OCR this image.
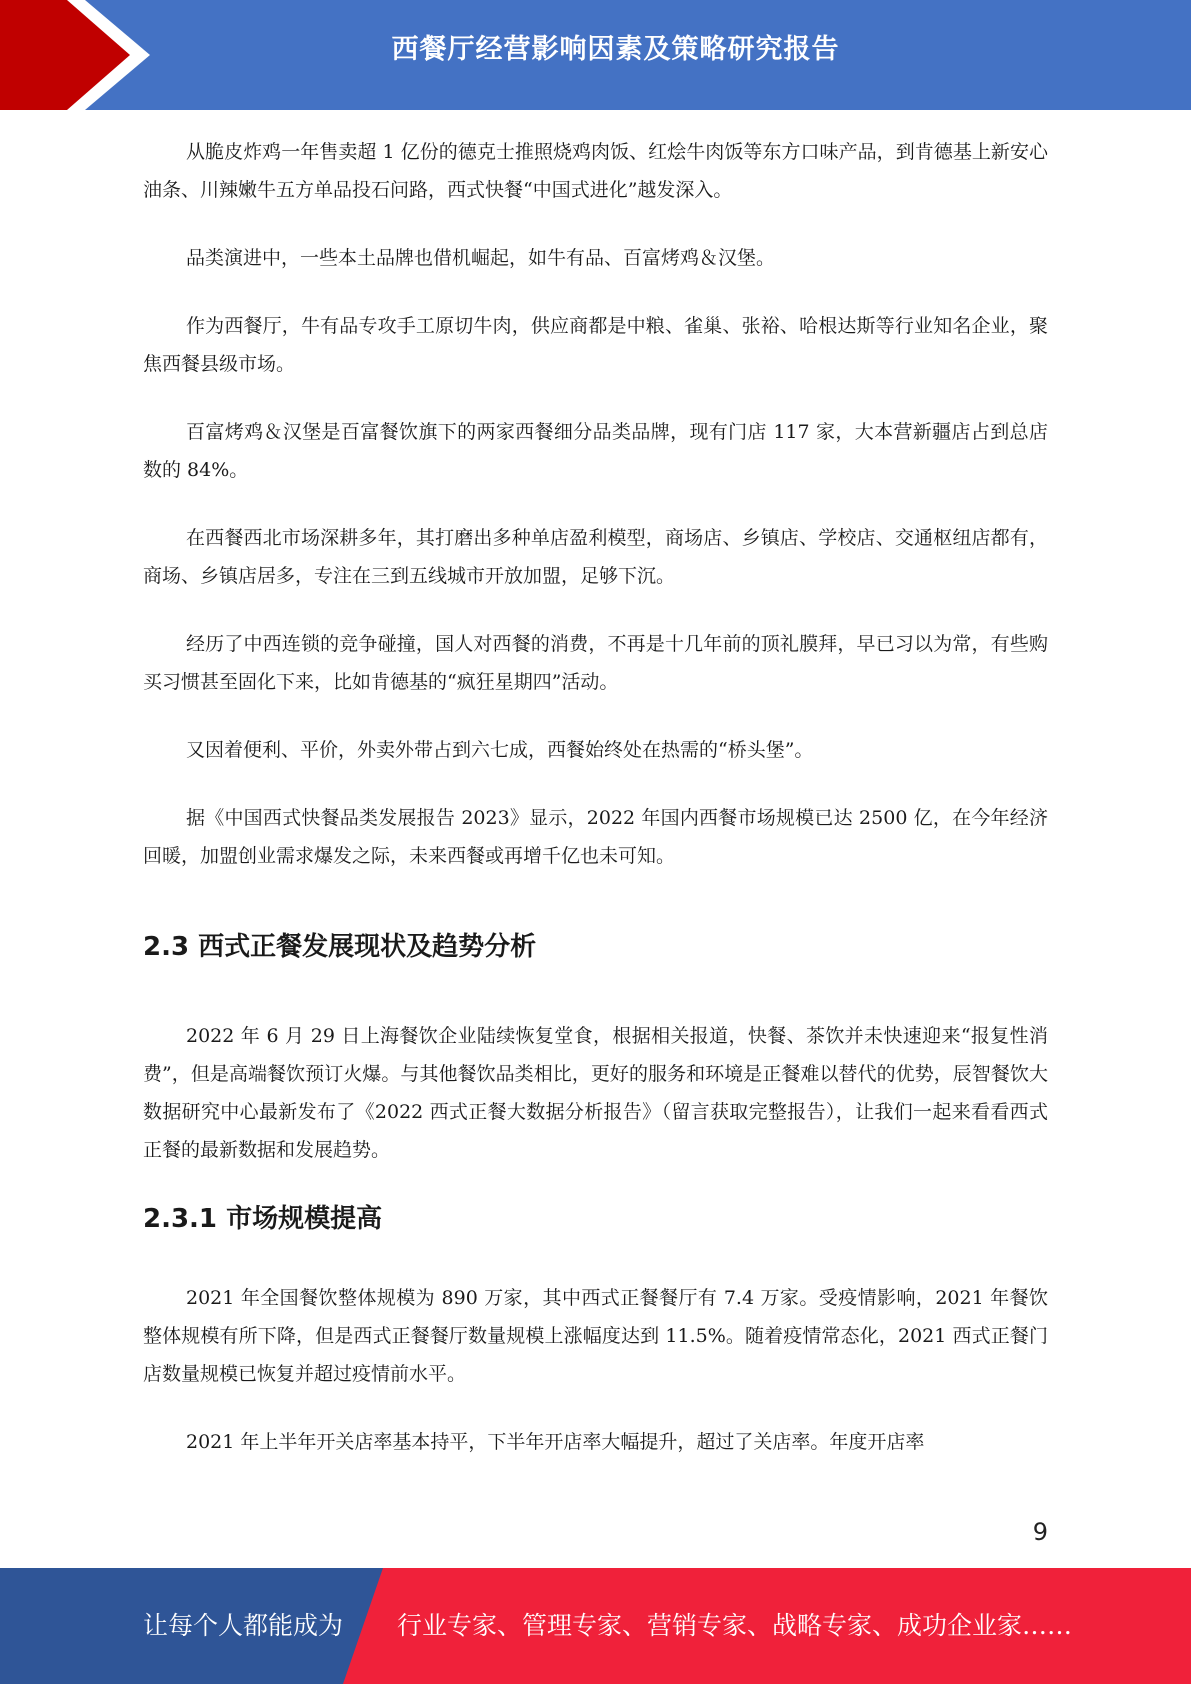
西餐厅经营影响因素及策略研究报告

从脆皮炸鸡一年售卖超 1 亿份的德克士推照烧鸡肉饭、红烩牛肉饭等东方口味产品，到肯德基上新安心油条、川辣嫩牛五方单品投石问路，西式快餐“中国式进化”越发深入。

品类演进中，一些本土品牌也借机崛起，如牛有品、百富烤鸡＆汉堡。

作为西餐厅，牛有品专攻手工原切牛肉，供应商都是中粮、雀巢、张裕、哈根达斯等行业知名企业，聚焦西餐县级市场。

百富烤鸡＆汉堡是百富餐饮旗下的两家西餐细分品类品牌，现有门店 117 家，大本营新疆店占到总店数的 84%。

在西餐西北市场深耕多年，其打磨出多种单店盈利模型，商场店、乡镇店、学校店、交通枢纽店都有，商场、乡镇店居多，专注在三到五线城市开放加盟，足够下沉。

经历了中西连锁的竞争碰撞，国人对西餐的消费，不再是十几年前的顶礼膜拜，早已习以为常，有些购买习惯甚至固化下来，比如肯德基的“疯狂星期四”活动。

又因着便利、平价，外卖外带占到六七成，西餐始终处在热需的“桥头堡”。

据《中国西式快餐品类发展报告 2023》显示，2022 年国内西餐市场规模已达 2500 亿，在今年经济回暖，加盟创业需求爆发之际，未来西餐或再增千亿也未可知。

2.3 西式正餐发展现状及趋势分析

2022 年 6 月 29 日上海餐饮企业陆续恢复堂食，根据相关报道，快餐、茶饮并未快速迎来“报复性消费”，但是高端餐饮预订火爆。与其他餐饮品类相比，更好的服务和环境是正餐难以替代的优势，辰智餐饮大数据研究中心最新发布了《2022 西式正餐大数据分析报告》（留言获取完整报告），让我们一起来看看西式正餐的最新数据和发展趋势。

2.3.1 市场规模提高

2021 年全国餐饮整体规模为 890 万家，其中西式正餐餐厅有 7.4 万家。受疫情影响，2021 年餐饮整体规模有所下降，但是西式正餐餐厅数量规模上涨幅度达到 11.5%。随着疫情常态化，2021 西式正餐门店数量规模已恢复并超过疫情前水平。

2021 年上半年开关店率基本持平，下半年开店率大幅提升，超过了关店率。年度开店率

9
让每个人都能成为 行业专家、管理专家、营销专家、战略专家、成功企业家……
